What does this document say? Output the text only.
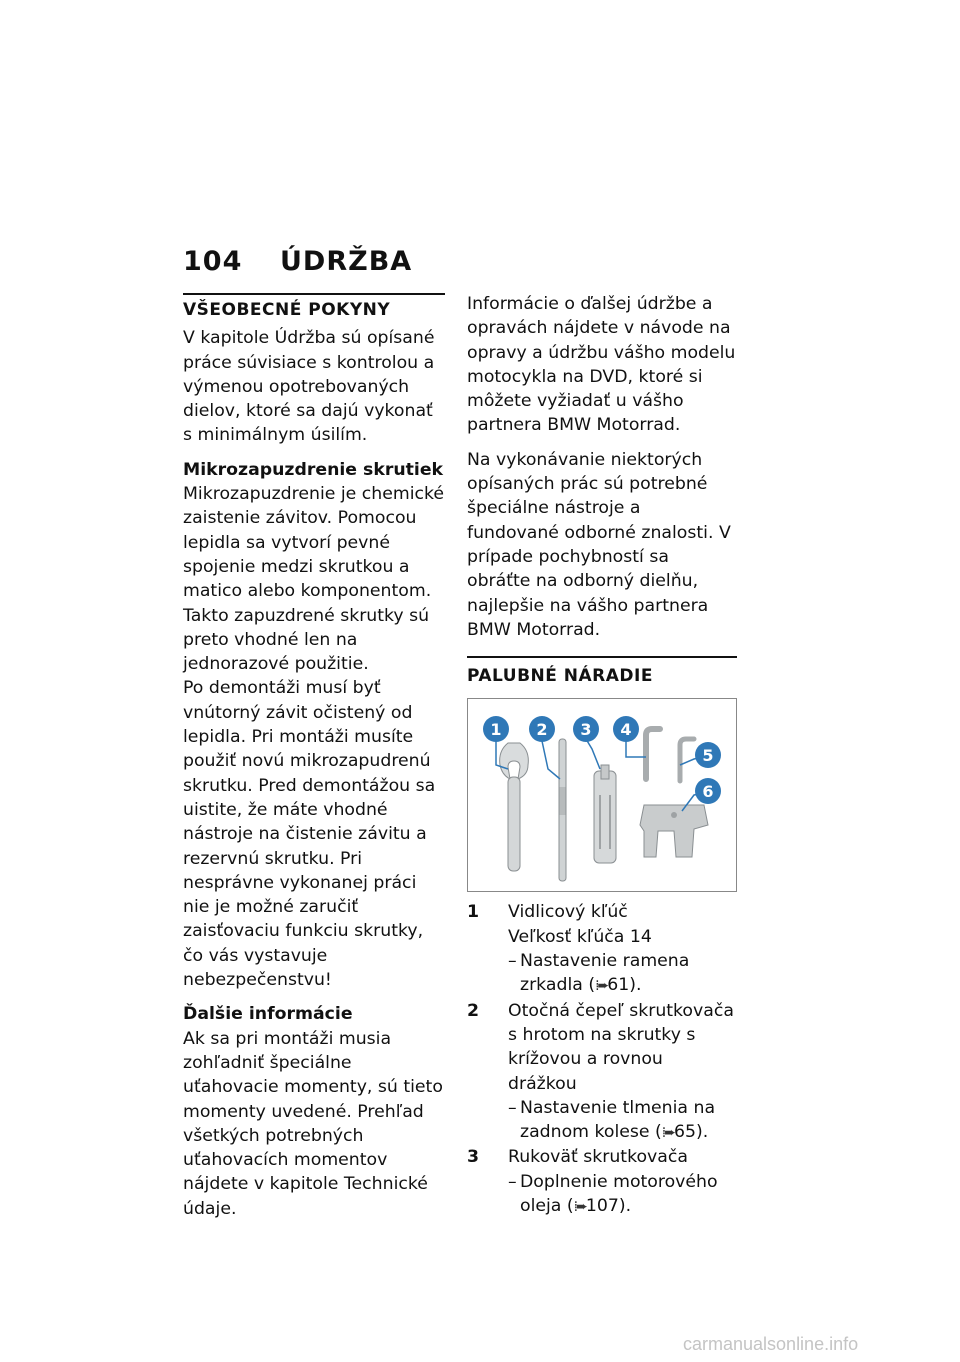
104 ÚDRŽBA
VŠEOBECNÉ POKYNY

V kapitole Údržba sú opísané práce súvisiace s kontrolou a výmenou opotrebovaných dielov, ktoré sa dajú vykonať s minimálnym úsilím.

Mikrozapuzdrenie skrutiek

Mikrozapuzdrenie je chemické zaistenie závitov. Pomocou lepidla sa vytvorí pevné spojenie medzi skrutkou a matico alebo komponentom. Takto zapuzdrené skrutky sú preto vhodné len na jednorazové použitie.

Po demontáži musí byť vnútorný závit očistený od lepidla. Pri montáži musíte použiť novú mikrozapudrenú skrutku. Pred demontážou sa uistite, že máte vhodné nástroje na čistenie závitu a rezervnú skrutku. Pri nesprávne vykonanej práci nie je možné zaručiť zaisťovaciu funkciu skrutky, čo vás vystavuje nebezpečenstvu!

Ďalšie informácie

Ak sa pri montáži musia zohľadniť špeciálne uťahovacie momenty, sú tieto momenty uvedené. Prehľad všetkých potrebných uťahovacích momentov nájdete v kapitole Technické údaje.

Informácie o ďalšej údržbe a opravách nájdete v návode na opravy a údržbu vášho modelu motocykla na DVD, ktoré si môžete vyžiadať u vášho partnera BMW Motorrad.

Na vykonávanie niektorých opísaných prác sú potrebné špeciálne nástroje a fundované odborné znalosti. V prípade pochybností sa obráťte na odborný dielňu, najlepšie na vášho partnera BMW Motorrad.

PALUBNÉ NÁRADIE
1 2 3 4
5
6
1	Vidlicový kľúč
Veľkosť kľúča 14
– Nastavenie ramena zrkadla (⁞➨61).
2	Otočná čepeľ skrutkovača s hrotom na skrutky s krížovou a rovnou drážkou
– Nastavenie tlmenia na zadnom kolese (⁞➨65).
3	Rukoväť skrutkovača
– Doplnenie motorového oleja (⁞➨107).
carmanualsonline.info
